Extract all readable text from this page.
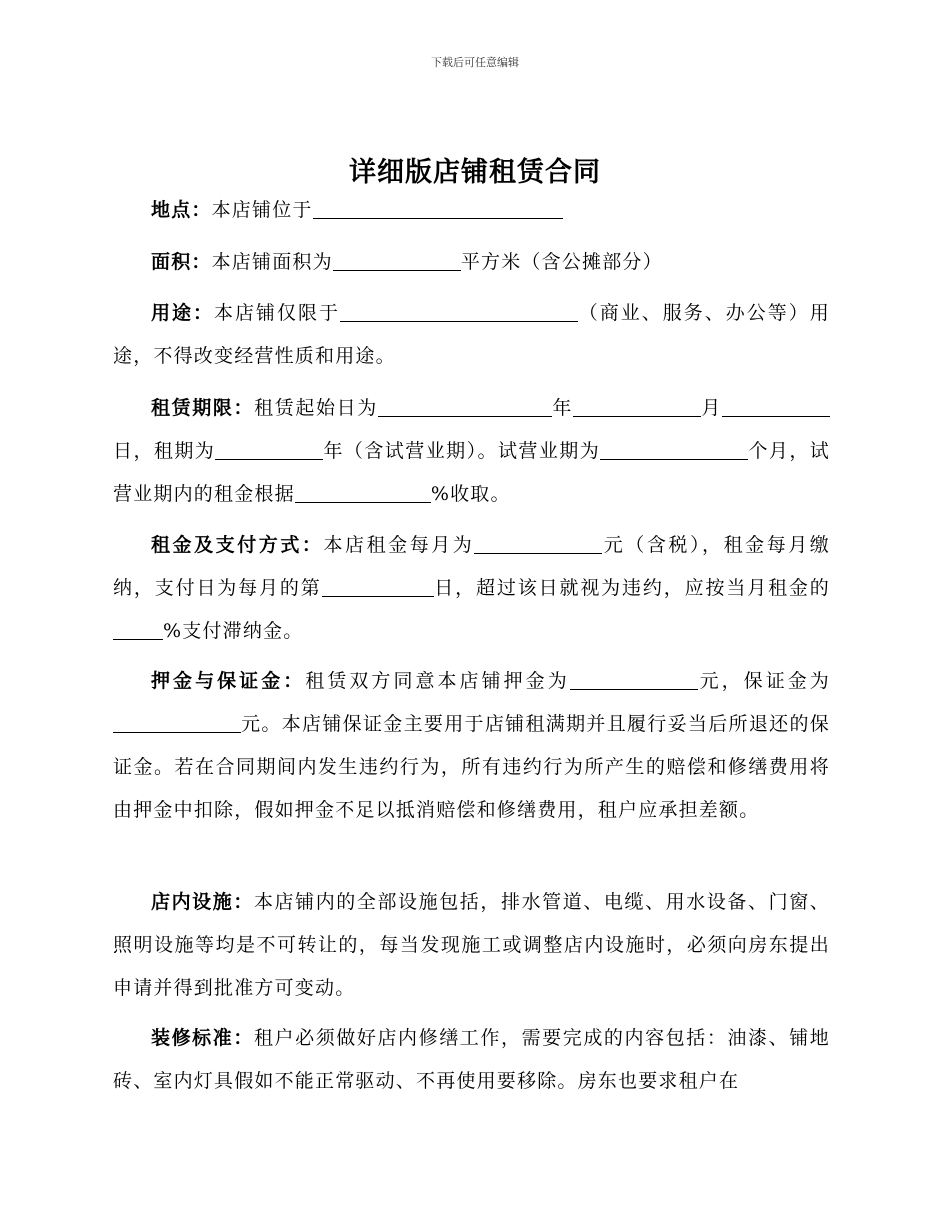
下载后可任意编辑
详细版店铺租赁合同
地点：本店铺位于
面积：本店铺面积为	平方米（含公摊部分）
用途：本店铺仅限于	（商业、服务、办公等）用途，不得改变经营性质和用途。
租赁期限：租赁起始日为	年	月日，租期为	年（含试营业期）。试营业期为	个月，试营业期内的租金根据	%收取。
租金及支付方式：本店租金每月为	元（含税），租金每月缴纳，支付日为每月的第	日，超过该日就视为违约，应按当月租金的%支付滞纳金。
押金与保证金：租赁双方同意本店铺押金为	元，保证金为元。本店铺保证金主要用于店铺租满期并且履行妥当后所退还的保证金。若在合同期间内发生违约行为，所有违约行为所产生的赔偿和修缮费用将由押金中扣除，假如押金不足以抵消赔偿和修缮费用，租户应承担差额。
店内设施：本店铺内的全部设施包括，排水管道、电缆、用水设备、门窗、照明设施等均是不可转让的，每当发现施工或调整店内设施时，必须向房东提出申请并得到批准方可变动。
装修标准：租户必须做好店内修缮工作，需要完成的内容包括：油漆、铺地砖、室内灯具假如不能正常驱动、不再使用要移除。房东也要求租户在
